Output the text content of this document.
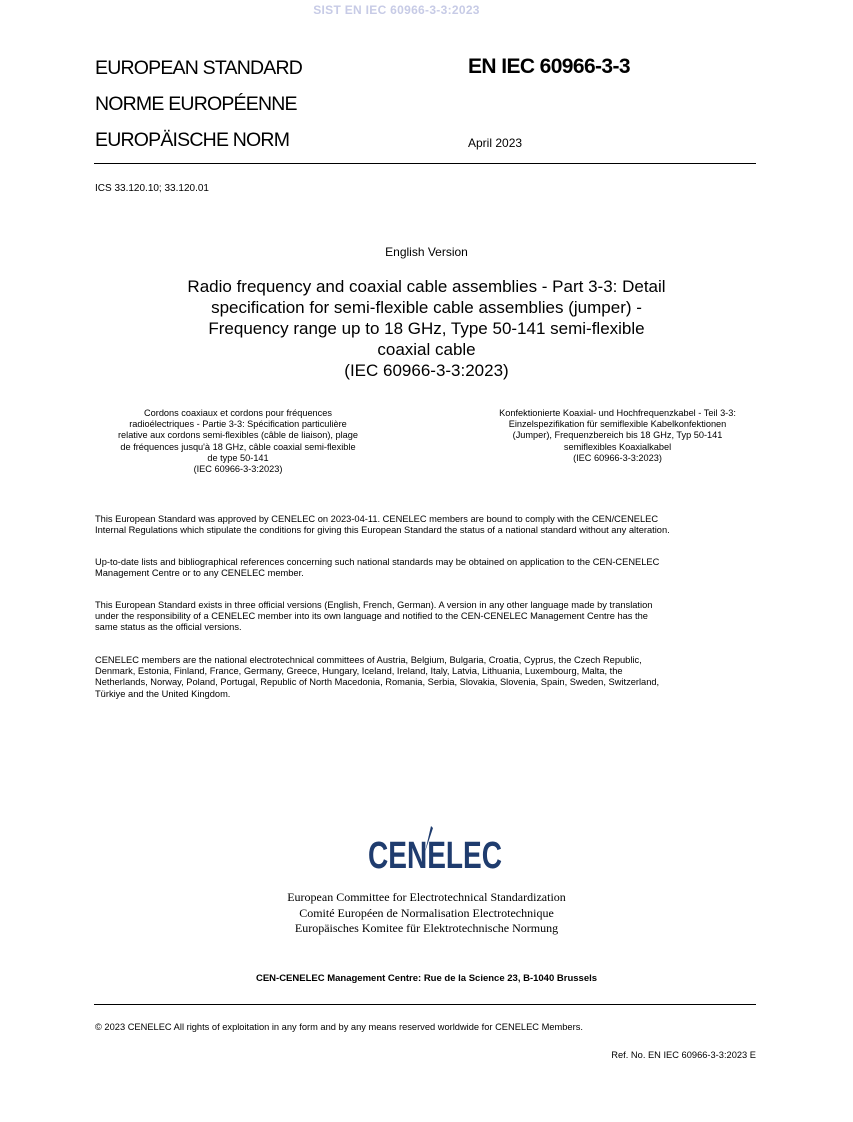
SIST EN IEC 60966-3-3:2023
EUROPEAN STANDARD
NORME EUROPÉENNE
EUROPÄISCHE NORM
EN IEC 60966-3-3
April 2023
ICS 33.120.10; 33.120.01
English Version
Radio frequency and coaxial cable assemblies - Part 3-3: Detail
specification for semi-flexible cable assemblies (jumper) -
Frequency range up to 18 GHz, Type 50-141 semi-flexible
coaxial cable
(IEC 60966-3-3:2023)
Cordons coaxiaux et cordons pour fréquences
radioélectriques - Partie 3-3: Spécification particulière
relative aux cordons semi-flexibles (câble de liaison), plage
de fréquences jusqu'à 18 GHz, câble coaxial semi-flexible
de type 50-141
(IEC 60966-3-3:2023)
Konfektionierte Koaxial- und Hochfrequenzkabel - Teil 3-3:
Einzelspezifikation für semiflexible Kabelkonfektionen
(Jumper), Frequenzbereich bis 18 GHz, Typ 50-141
semiflexibles Koaxialkabel
(IEC 60966-3-3:2023)
This European Standard was approved by CENELEC on 2023-04-11. CENELEC members are bound to comply with the CEN/CENELEC
Internal Regulations which stipulate the conditions for giving this European Standard the status of a national standard without any alteration.
Up-to-date lists and bibliographical references concerning such national standards may be obtained on application to the CEN-CENELEC
Management Centre or to any CENELEC member.
This European Standard exists in three official versions (English, French, German). A version in any other language made by translation
under the responsibility of a CENELEC member into its own language and notified to the CEN-CENELEC Management Centre has the
same status as the official versions.
CENELEC members are the national electrotechnical committees of Austria, Belgium, Bulgaria, Croatia, Cyprus, the Czech Republic,
Denmark, Estonia, Finland, France, Germany, Greece, Hungary, Iceland, Ireland, Italy, Latvia, Lithuania, Luxembourg, Malta, the
Netherlands, Norway, Poland, Portugal, Republic of North Macedonia, Romania, Serbia, Slovakia, Slovenia, Spain, Sweden, Switzerland,
Türkiye and the United Kingdom.
CENELEC
European Committee for Electrotechnical Standardization
Comité Européen de Normalisation Electrotechnique
Europäisches Komitee für Elektrotechnische Normung
CEN-CENELEC Management Centre: Rue de la Science 23, B-1040 Brussels
© 2023 CENELEC All rights of exploitation in any form and by any means reserved worldwide for CENELEC Members.
Ref. No. EN IEC 60966-3-3:2023 E
